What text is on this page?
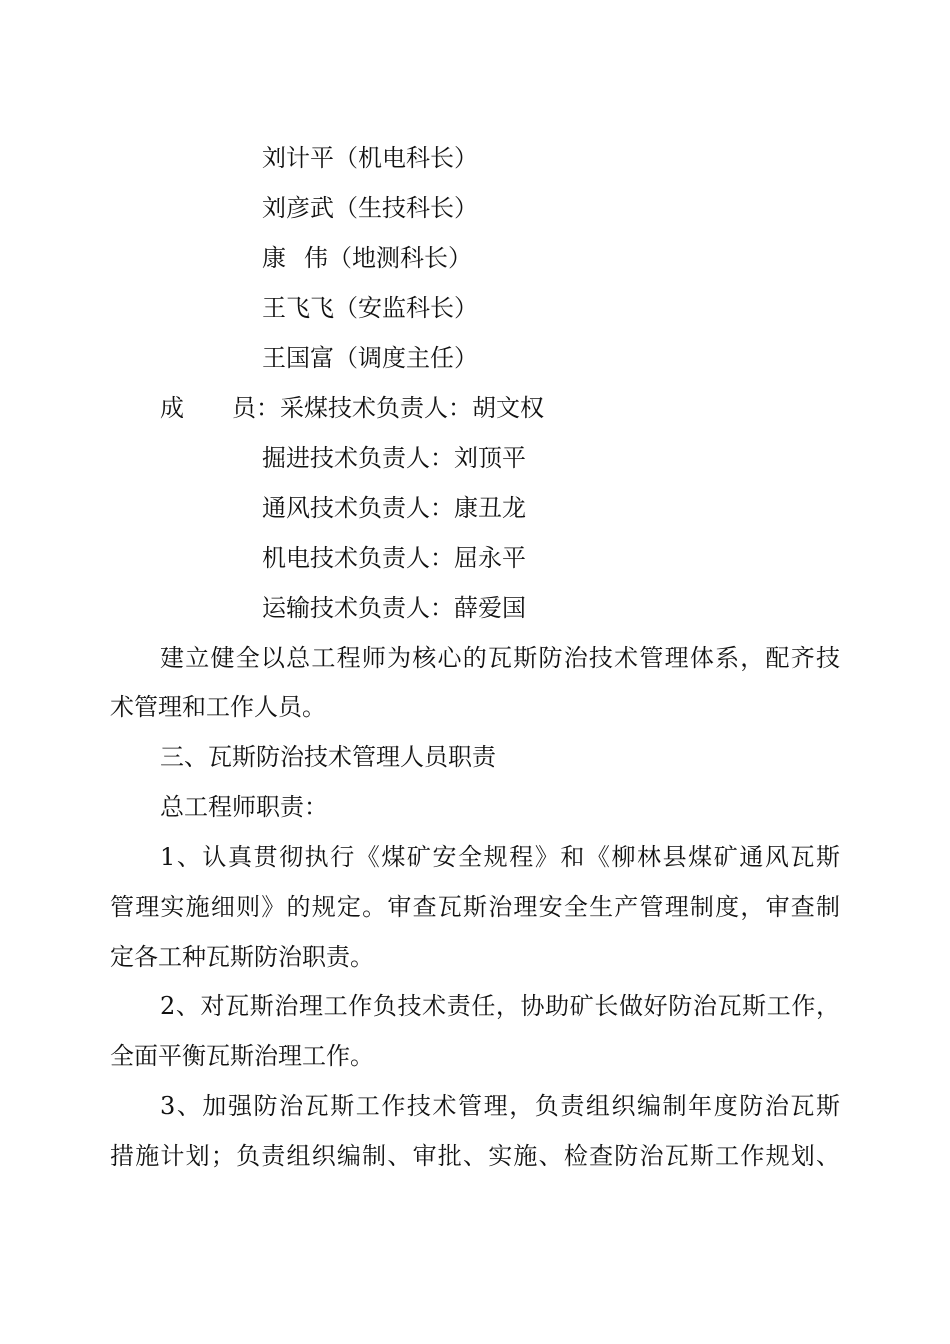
刘计平（机电科长）
刘彦武（生技科长）
康 伟（地测科长）
王飞飞（安监科长）
王国富（调度主任）
成 员：采煤技术负责人：胡文权
掘进技术负责人：刘顶平
通风技术负责人：康丑龙
机电技术负责人：屈永平
运输技术负责人：薛爱国
建立健全以总工程师为核心的瓦斯防治技术管理体系，配齐技
术管理和工作人员。
三、瓦斯防治技术管理人员职责
总工程师职责：
1、认真贯彻执行《煤矿安全规程》和《柳林县煤矿通风瓦斯
管理实施细则》的规定。审查瓦斯治理安全生产管理制度，审查制
定各工种瓦斯防治职责。
2、对瓦斯治理工作负技术责任，协助矿长做好防治瓦斯工作，
全面平衡瓦斯治理工作。
3、加强防治瓦斯工作技术管理，负责组织编制年度防治瓦斯
措施计划；负责组织编制、审批、实施、检查防治瓦斯工作规划、
